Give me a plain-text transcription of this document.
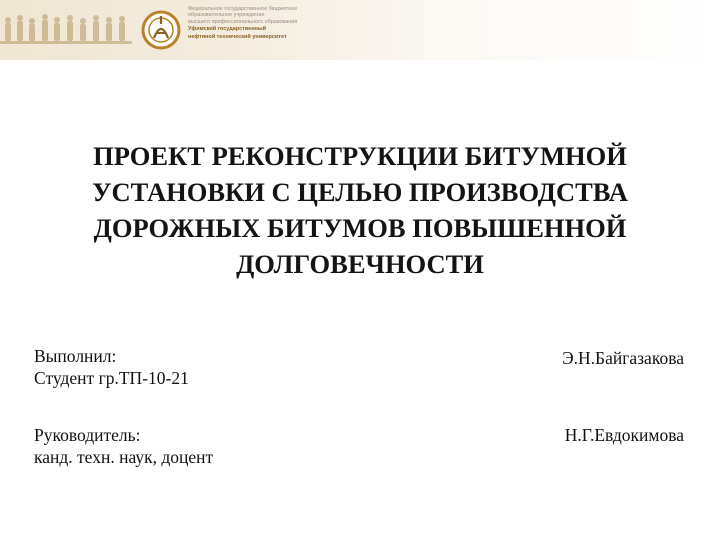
Федеральное государственное бюджетное
образовательное учреждение
высшего профессионального образования
Уфимский государственный
нефтяной технический университет
ПРОЕКТ РЕКОНСТРУКЦИИ БИТУМНОЙ
УСТАНОВКИ С ЦЕЛЬЮ ПРОИЗВОДСТВА
ДОРОЖНЫХ БИТУМОВ ПОВЫШЕННОЙ
ДОЛГОВЕЧНОСТИ
Выполнил:
Студент гр.ТП-10-21
Э.Н.Байгазакова
Руководитель:
канд. техн. наук, доцент
Н.Г.Евдокимова
